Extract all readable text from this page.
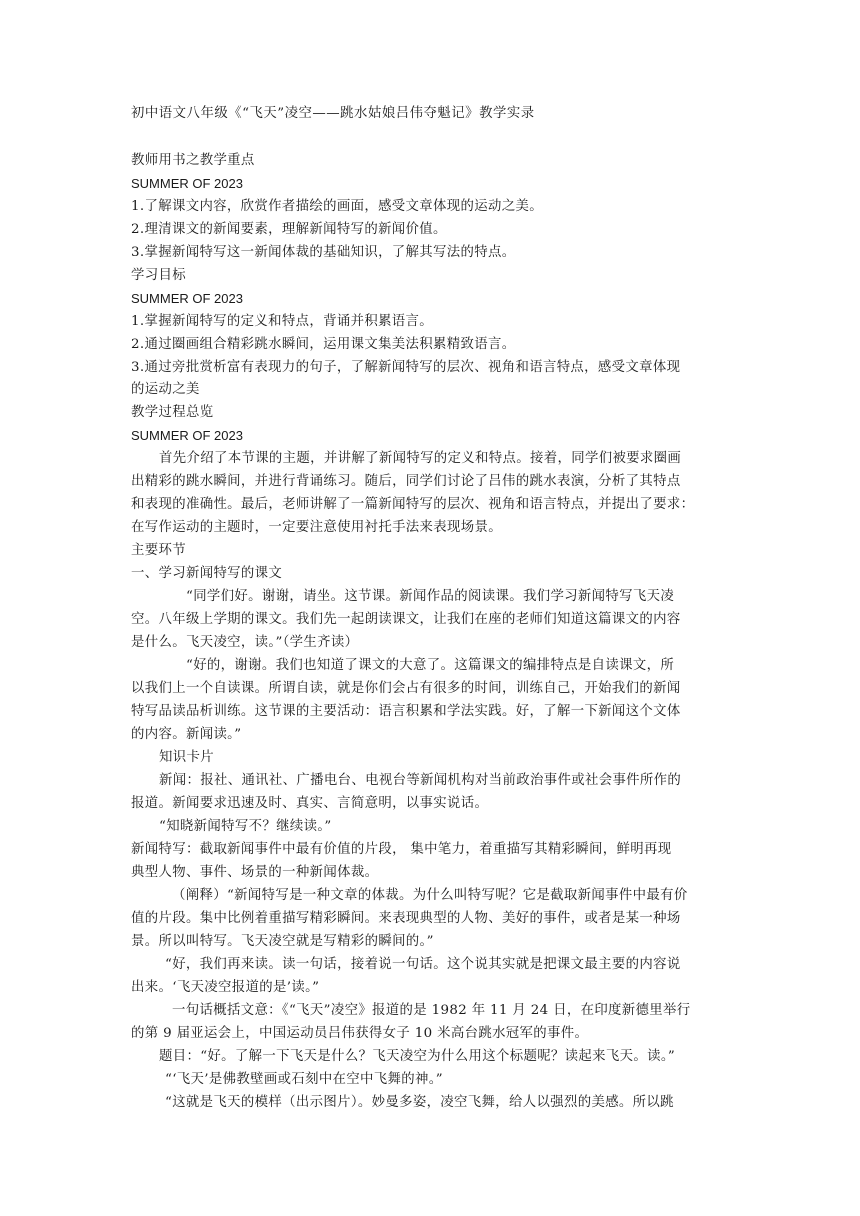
初中语文八年级《“飞天”凌空——跳水姑娘吕伟夺魁记》教学实录
教师用书之教学重点
SUMMER OF 2023
1.了解课文内容，欣赏作者描绘的画面，感受文章体现的运动之美。
2.理清课文的新闻要素，理解新闻特写的新闻价值。
3.掌握新闻特写这一新闻体裁的基础知识，了解其写法的特点。
学习目标
SUMMER OF 2023
1.掌握新闻特写的定义和特点，背诵并积累语言。
2.通过圈画组合精彩跳水瞬间，运用课文集美法积累精致语言。
3.通过旁批赏析富有表现力的句子，了解新闻特写的层次、视角和语言特点，感受文章体现
的运动之美
教学过程总览
SUMMER OF 2023
首先介绍了本节课的主题，并讲解了新闻特写的定义和特点。接着，同学们被要求圈画
出精彩的跳水瞬间，并进行背诵练习。随后，同学们讨论了吕伟的跳水表演，分析了其特点
和表现的准确性。最后，老师讲解了一篇新闻特写的层次、视角和语言特点，并提出了要求：
在写作运动的主题时，一定要注意使用衬托手法来表现场景。
主要环节
一、学习新闻特写的课文
“同学们好。谢谢，请坐。这节课。新闻作品的阅读课。我们学习新闻特写飞天凌
空。八年级上学期的课文。我们先一起朗读课文，让我们在座的老师们知道这篇课文的内容
是什么。飞天凌空，读。”（学生齐读）
“好的，谢谢。我们也知道了课文的大意了。这篇课文的编排特点是自读课文，所
以我们上一个自读课。所谓自读，就是你们会占有很多的时间，训练自己，开始我们的新闻
特写品读品析训练。这节课的主要活动：语言积累和学法实践。好，了解一下新闻这个文体
的内容。新闻读。”
知识卡片
新闻：报社、通讯社、广播电台、电视台等新闻机构对当前政治事件或社会事件所作的
报道。新闻要求迅速及时、真实、言简意明，以事实说话。
“知晓新闻特写不？继续读。”
新闻特写：截取新闻事件中最有价值的片段， 集中笔力，着重描写其精彩瞬间，鲜明再现
典型人物、事件、场景的一种新闻体裁。
（阐释）“新闻特写是一种文章的体裁。为什么叫特写呢？它是截取新闻事件中最有价
值的片段。集中比例着重描写精彩瞬间。来表现典型的人物、美好的事件，或者是某一种场
景。所以叫特写。飞天凌空就是写精彩的瞬间的。”
“好，我们再来读。读一句话，接着说一句话。这个说其实就是把课文最主要的内容说
出来。‘飞天凌空报道的是’读。”
一句话概括文意：《“飞天”凌空》报道的是 1982 年 11 月 24 日，在印度新德里举行
的第 9 届亚运会上，中国运动员吕伟获得女子 10 米高台跳水冠军的事件。
题目：“好。了解一下飞天是什么？飞天凌空为什么用这个标题呢？读起来飞天。读。”
“‘飞天’是佛教壁画或石刻中在空中飞舞的神。”
“这就是飞天的模样（出示图片）。妙曼多姿，凌空飞舞，给人以强烈的美感。所以跳
